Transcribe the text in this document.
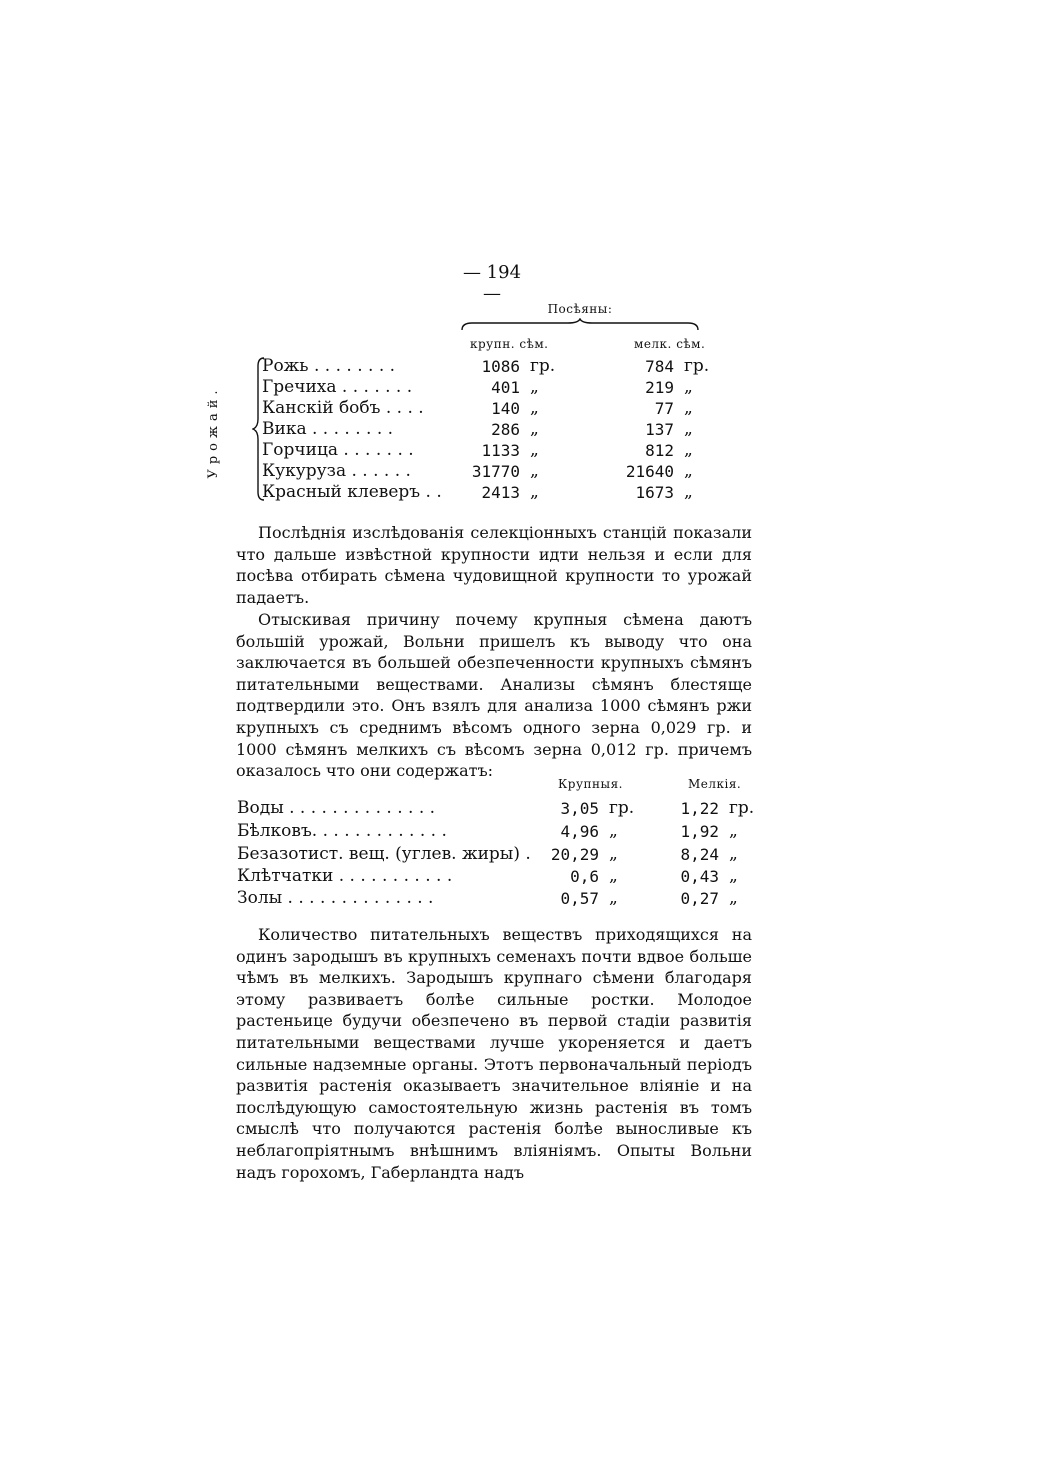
— 194 —
Посѣяны:
крупн. сѣм.	мелк. сѣм.
Урожай.
Рожь . . . . . . . .	1086 гр.	784 гр.
Гречиха . . . . . . .	401 „	219 „
Канскій бобъ . . . .	140 „	77 „
Вика . . . . . . . .	286 „	137 „
Горчица . . . . . . .	1133 „	812 „
Кукуруза . . . . . .	31770 „	21640 „
Красный клеверъ . .	2413 „	1673 „
Послѣднія изслѣдованія селекціонныхъ станцій показали что дальше извѣстной крупности идти нельзя и если для посѣва отбирать сѣмена чудовищной крупности то урожай падаетъ.
Отыскивая причину почему крупныя сѣмена даютъ большій урожай, Вольни пришелъ къ выводу что она заключается въ большей обезпеченности крупныхъ сѣмянъ питательными веществами. Анализы сѣмянъ блестяще подтвердили это. Онъ взялъ для анализа 1000 сѣмянъ ржи крупныхъ съ среднимъ вѣсомъ одного зерна 0,029 гр. и 1000 сѣмянъ мелкихъ съ вѣсомъ зерна 0,012 гр. причемъ оказалось что они содержатъ:
Крупныя.	Мелкія.
Воды . . . . . . . . . . . . . .	3,05 гр.	1,22 гр.
Бѣлковъ. . . . . . . . . . . . .	4,96 „	1,92 „
Безазотист. вещ. (углев. жиры) .	20,29 „	8,24 „
Клѣтчатки . . . . . . . . . . .	0,6 „	0,43 „
Золы . . . . . . . . . . . . . .	0,57 „	0,27 „
Количество питательныхъ веществъ приходящихся на одинъ зародышъ въ крупныхъ семенахъ почти вдвое больше чѣмъ въ мелкихъ. Зародышъ крупнаго сѣмени благодаря этому развиваетъ болѣе сильные ростки. Молодое растеньице будучи обезпечено въ первой стадіи развитія питательными веществами лучше укореняется и даетъ сильные надземные органы. Этотъ первоначальный періодъ развитія растенія оказываетъ значительное вліяніе и на послѣдующую самостоятельную жизнь растенія въ томъ смыслѣ что получаются растенія болѣе выносливые къ неблагопріятнымъ внѣшнимъ вліяніямъ. Опыты Вольни надъ горохомъ, Габерландта надъ
